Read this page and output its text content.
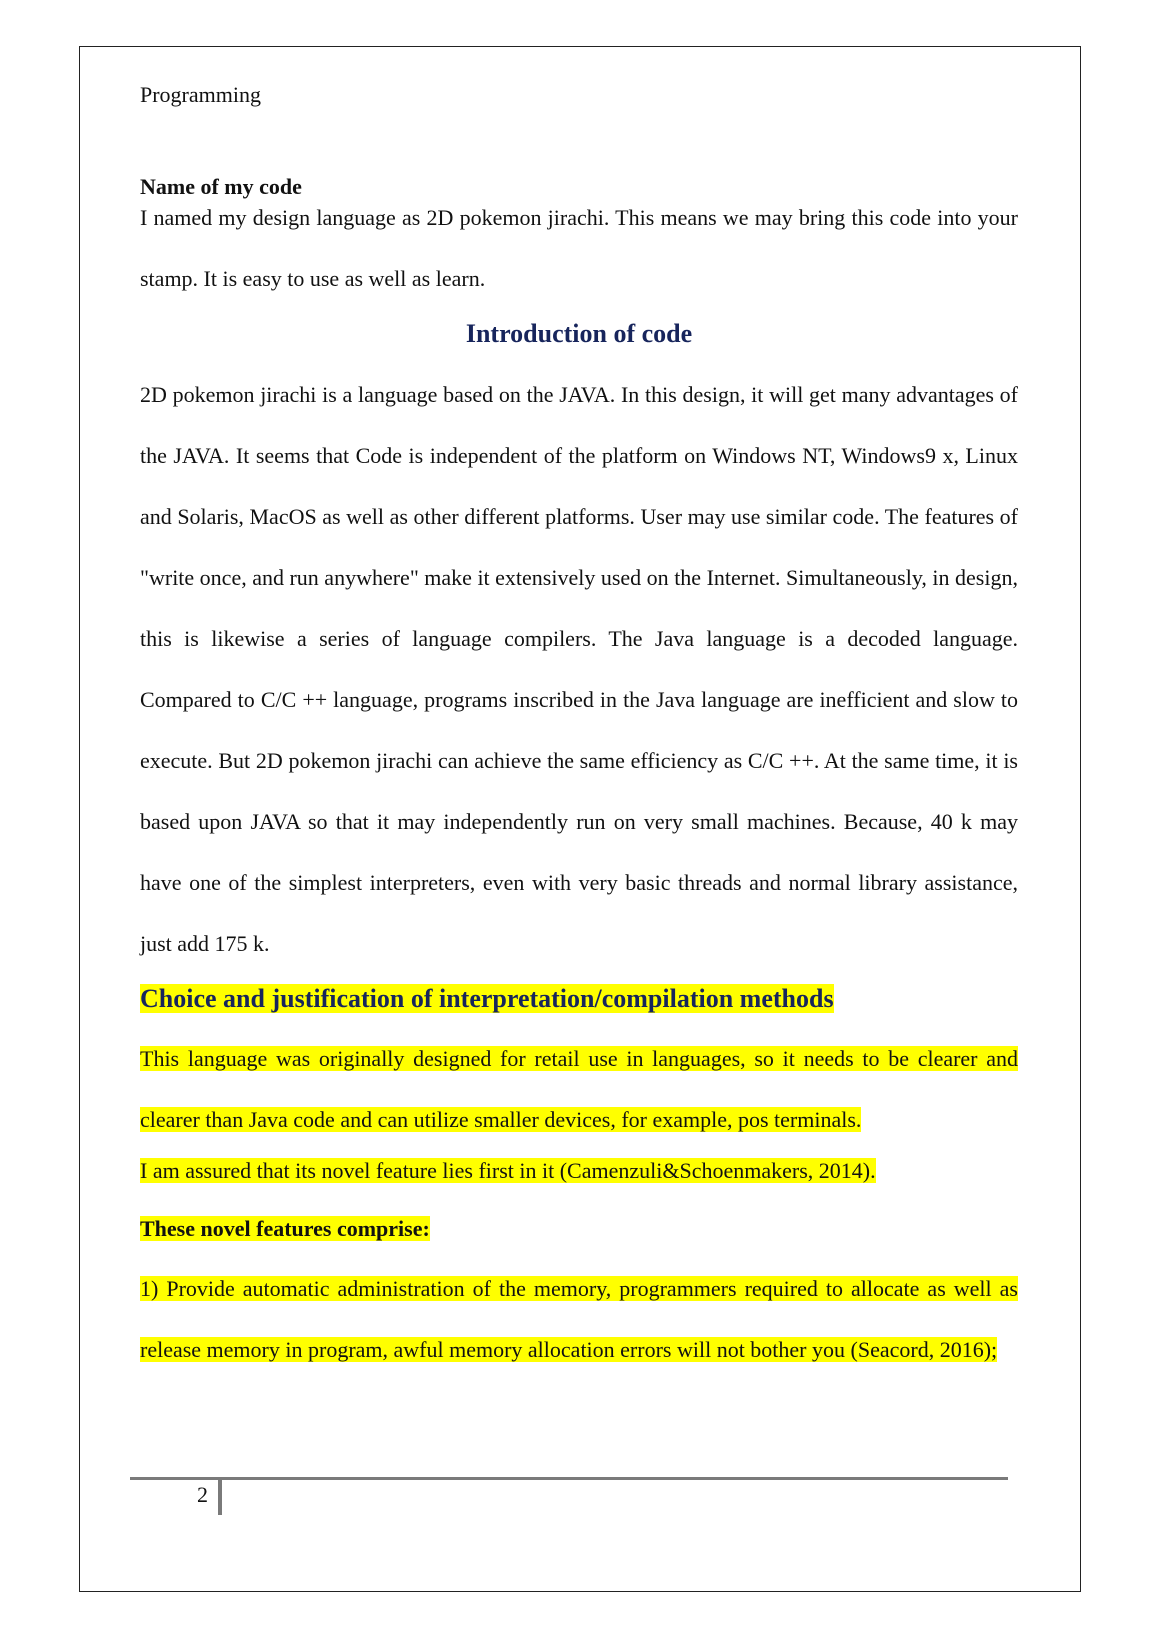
Programming
Name of my code

I named my design language as 2D pokemon jirachi. This means we may bring this code into your stamp. It is easy to use as well as learn.

Introduction of code

2D pokemon jirachi is a language based on the JAVA. In this design, it will get many advantages of the JAVA. It seems that Code is independent of the platform on Windows NT, Windows9 x, Linux and Solaris, MacOS as well as other different platforms. User may use similar code. The features of "write once, and run anywhere" make it extensively used on the Internet. Simultaneously, in design, this is likewise a series of language compilers. The Java language is a decoded language. Compared to C/C ++ language, programs inscribed in the Java language are inefficient and slow to execute. But 2D pokemon jirachi can achieve the same efficiency as C/C ++. At the same time, it is based upon JAVA so that it may independently run on very small machines. Because, 40 k may have one of the simplest interpreters, even with very basic threads and normal library assistance, just add 175 k.

Choice and justification of interpretation/compilation methods

This language was originally designed for retail use in languages, so it needs to be clearer and clearer than Java code and can utilize smaller devices, for example, pos terminals.

I am assured that its novel feature lies first in it (Camenzuli&Schoenmakers, 2014).

These novel features comprise:

1) Provide automatic administration of the memory, programmers required to allocate as well as release memory in program, awful memory allocation errors will not bother you (Seacord, 2016);

2
